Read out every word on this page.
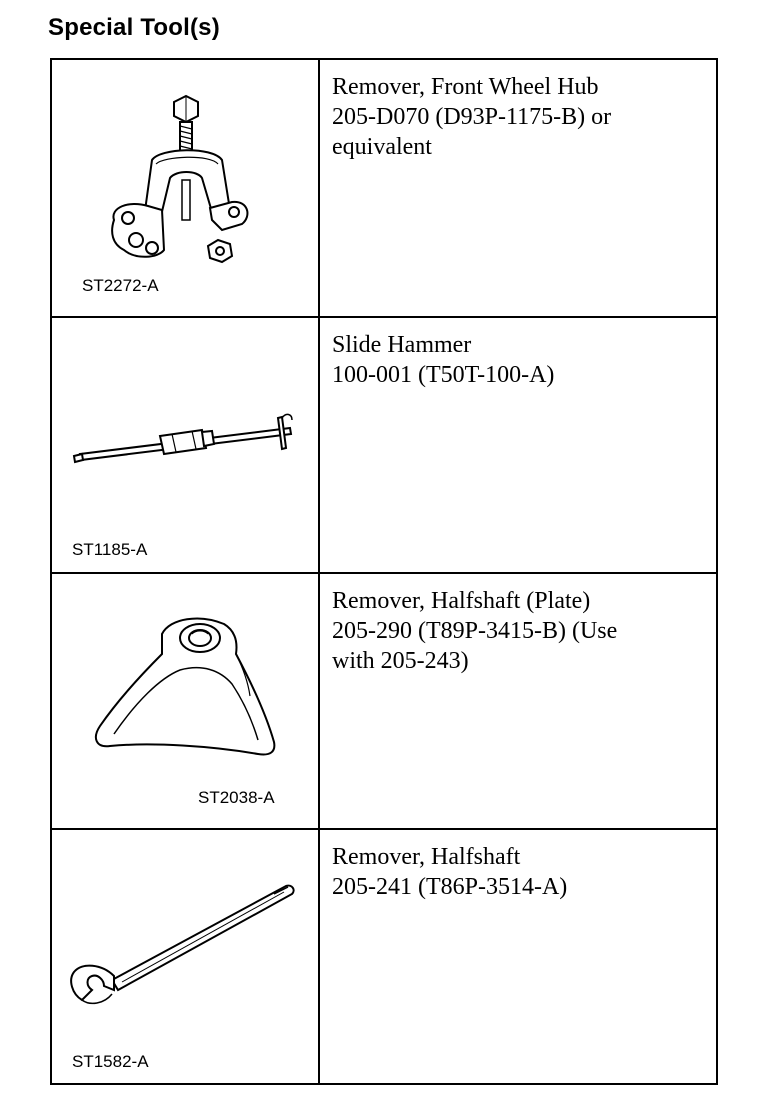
Special Tool(s)
ST2272-A
Remover, Front Wheel Hub
205-D070 (D93P-1175-B) or
equivalent
ST1185-A
Slide Hammer
100-001 (T50T-100-A)
ST2038-A
Remover, Halfshaft (Plate)
205-290 (T89P-3415-B) (Use
with 205-243)
ST1582-A
Remover, Halfshaft
205-241 (T86P-3514-A)
